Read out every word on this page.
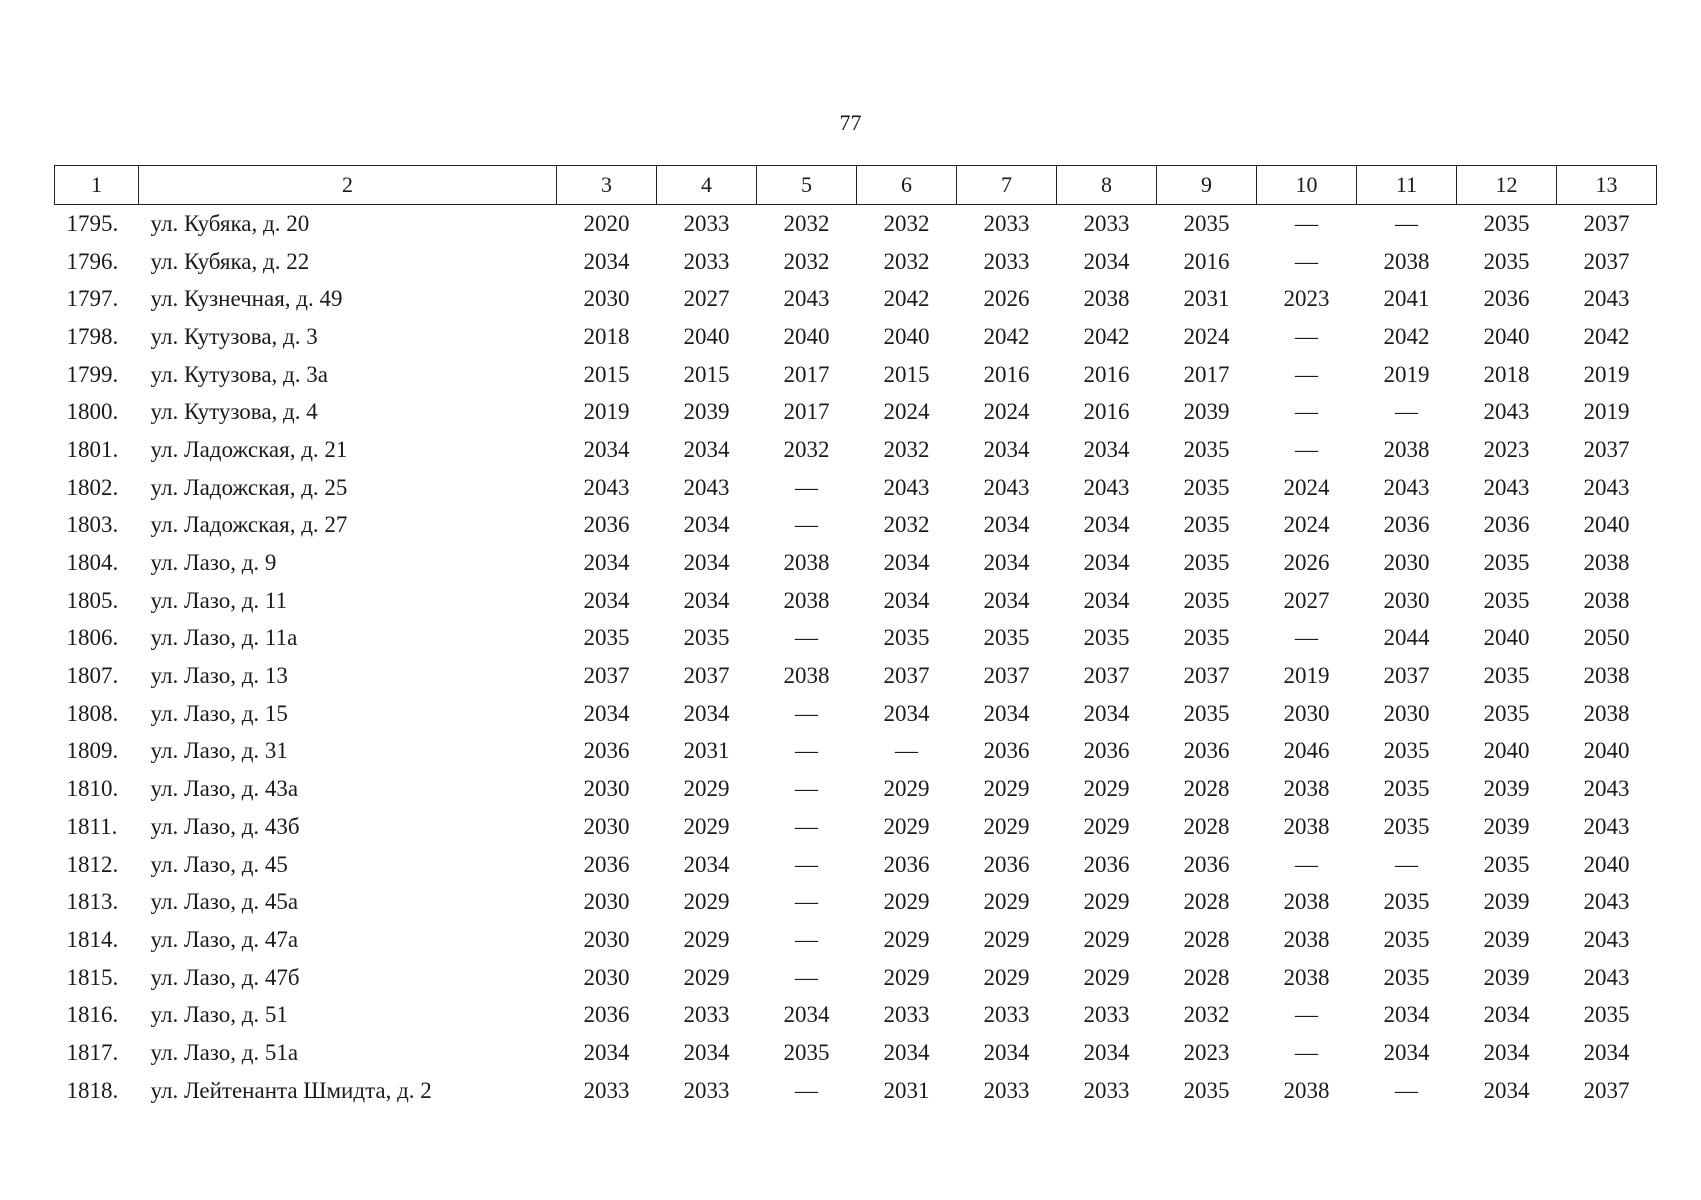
77
1	2	3	4	5	6	7	8	9	10	11	12	13
1795.	ул. Кубяка, д. 20	2020	2033	2032	2032	2033	2033	2035	—	—	2035	2037
1796.	ул. Кубяка, д. 22	2034	2033	2032	2032	2033	2034	2016	—	2038	2035	2037
1797.	ул. Кузнечная, д. 49	2030	2027	2043	2042	2026	2038	2031	2023	2041	2036	2043
1798.	ул. Кутузова, д. 3	2018	2040	2040	2040	2042	2042	2024	—	2042	2040	2042
1799.	ул. Кутузова, д. 3а	2015	2015	2017	2015	2016	2016	2017	—	2019	2018	2019
1800.	ул. Кутузова, д. 4	2019	2039	2017	2024	2024	2016	2039	—	—	2043	2019
1801.	ул. Ладожская, д. 21	2034	2034	2032	2032	2034	2034	2035	—	2038	2023	2037
1802.	ул. Ладожская, д. 25	2043	2043	—	2043	2043	2043	2035	2024	2043	2043	2043
1803.	ул. Ладожская, д. 27	2036	2034	—	2032	2034	2034	2035	2024	2036	2036	2040
1804.	ул. Лазо, д. 9	2034	2034	2038	2034	2034	2034	2035	2026	2030	2035	2038
1805.	ул. Лазо, д. 11	2034	2034	2038	2034	2034	2034	2035	2027	2030	2035	2038
1806.	ул. Лазо, д. 11а	2035	2035	—	2035	2035	2035	2035	—	2044	2040	2050
1807.	ул. Лазо, д. 13	2037	2037	2038	2037	2037	2037	2037	2019	2037	2035	2038
1808.	ул. Лазо, д. 15	2034	2034	—	2034	2034	2034	2035	2030	2030	2035	2038
1809.	ул. Лазо, д. 31	2036	2031	—	—	2036	2036	2036	2046	2035	2040	2040
1810.	ул. Лазо, д. 43а	2030	2029	—	2029	2029	2029	2028	2038	2035	2039	2043
1811.	ул. Лазо, д. 43б	2030	2029	—	2029	2029	2029	2028	2038	2035	2039	2043
1812.	ул. Лазо, д. 45	2036	2034	—	2036	2036	2036	2036	—	—	2035	2040
1813.	ул. Лазо, д. 45а	2030	2029	—	2029	2029	2029	2028	2038	2035	2039	2043
1814.	ул. Лазо, д. 47а	2030	2029	—	2029	2029	2029	2028	2038	2035	2039	2043
1815.	ул. Лазо, д. 47б	2030	2029	—	2029	2029	2029	2028	2038	2035	2039	2043
1816.	ул. Лазо, д. 51	2036	2033	2034	2033	2033	2033	2032	—	2034	2034	2035
1817.	ул. Лазо, д. 51а	2034	2034	2035	2034	2034	2034	2023	—	2034	2034	2034
1818.	ул. Лейтенанта Шмидта, д. 2	2033	2033	—	2031	2033	2033	2035	2038	—	2034	2037
